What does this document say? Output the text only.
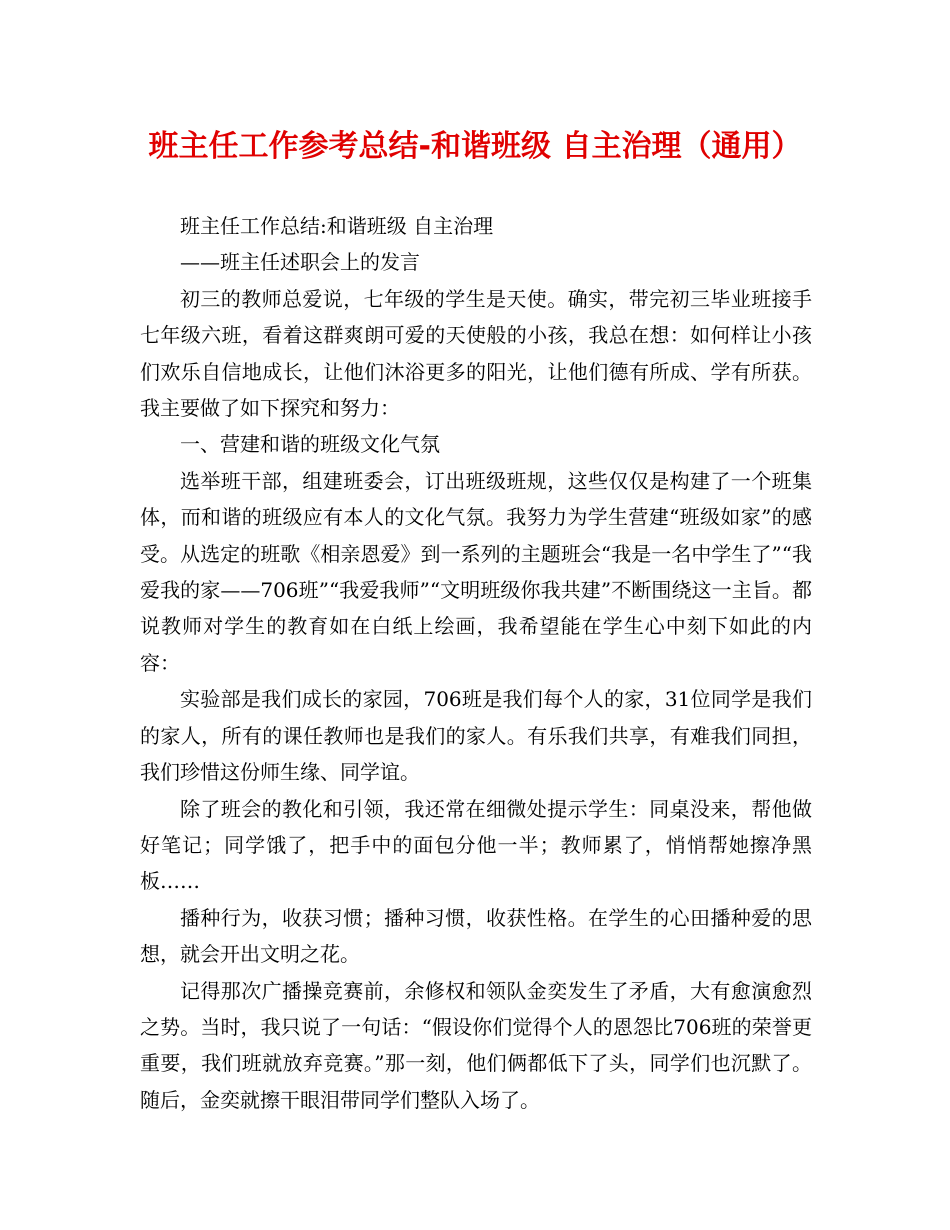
班主任工作参考总结-和谐班级 自主治理（通用）

班主任工作总结:和谐班级 自主治理

——班主任述职会上的发言

初三的教师总爱说，七年级的学生是天使。确实，带完初三毕业班接手七年级六班，看着这群爽朗可爱的天使般的小孩，我总在想：如何样让小孩们欢乐自信地成长，让他们沐浴更多的阳光，让他们德有所成、学有所获。我主要做了如下探究和努力：

一、营建和谐的班级文化气氛

选举班干部，组建班委会，订出班级班规，这些仅仅是构建了一个班集体，而和谐的班级应有本人的文化气氛。我努力为学生营建“班级如家”的感受。从选定的班歌《相亲恩爱》到一系列的主题班会“我是一名中学生了”“我爱我的家——706班”“我爱我师”“文明班级你我共建”不断围绕这一主旨。都说教师对学生的教育如在白纸上绘画，我希望能在学生心中刻下如此的内容：

实验部是我们成长的家园，706班是我们每个人的家，31位同学是我们的家人，所有的课任教师也是我们的家人。有乐我们共享，有难我们同担，我们珍惜这份师生缘、同学谊。

除了班会的教化和引领，我还常在细微处提示学生：同桌没来，帮他做好笔记；同学饿了，把手中的面包分他一半；教师累了，悄悄帮她擦净黑板……

播种行为，收获习惯；播种习惯，收获性格。在学生的心田播种爱的思想，就会开出文明之花。

记得那次广播操竞赛前，余修权和领队金奕发生了矛盾，大有愈演愈烈之势。当时，我只说了一句话：“假设你们觉得个人的恩怨比706班的荣誉更重要，我们班就放弃竞赛。”那一刻，他们俩都低下了头，同学们也沉默了。随后，金奕就擦干眼泪带同学们整队入场了。
